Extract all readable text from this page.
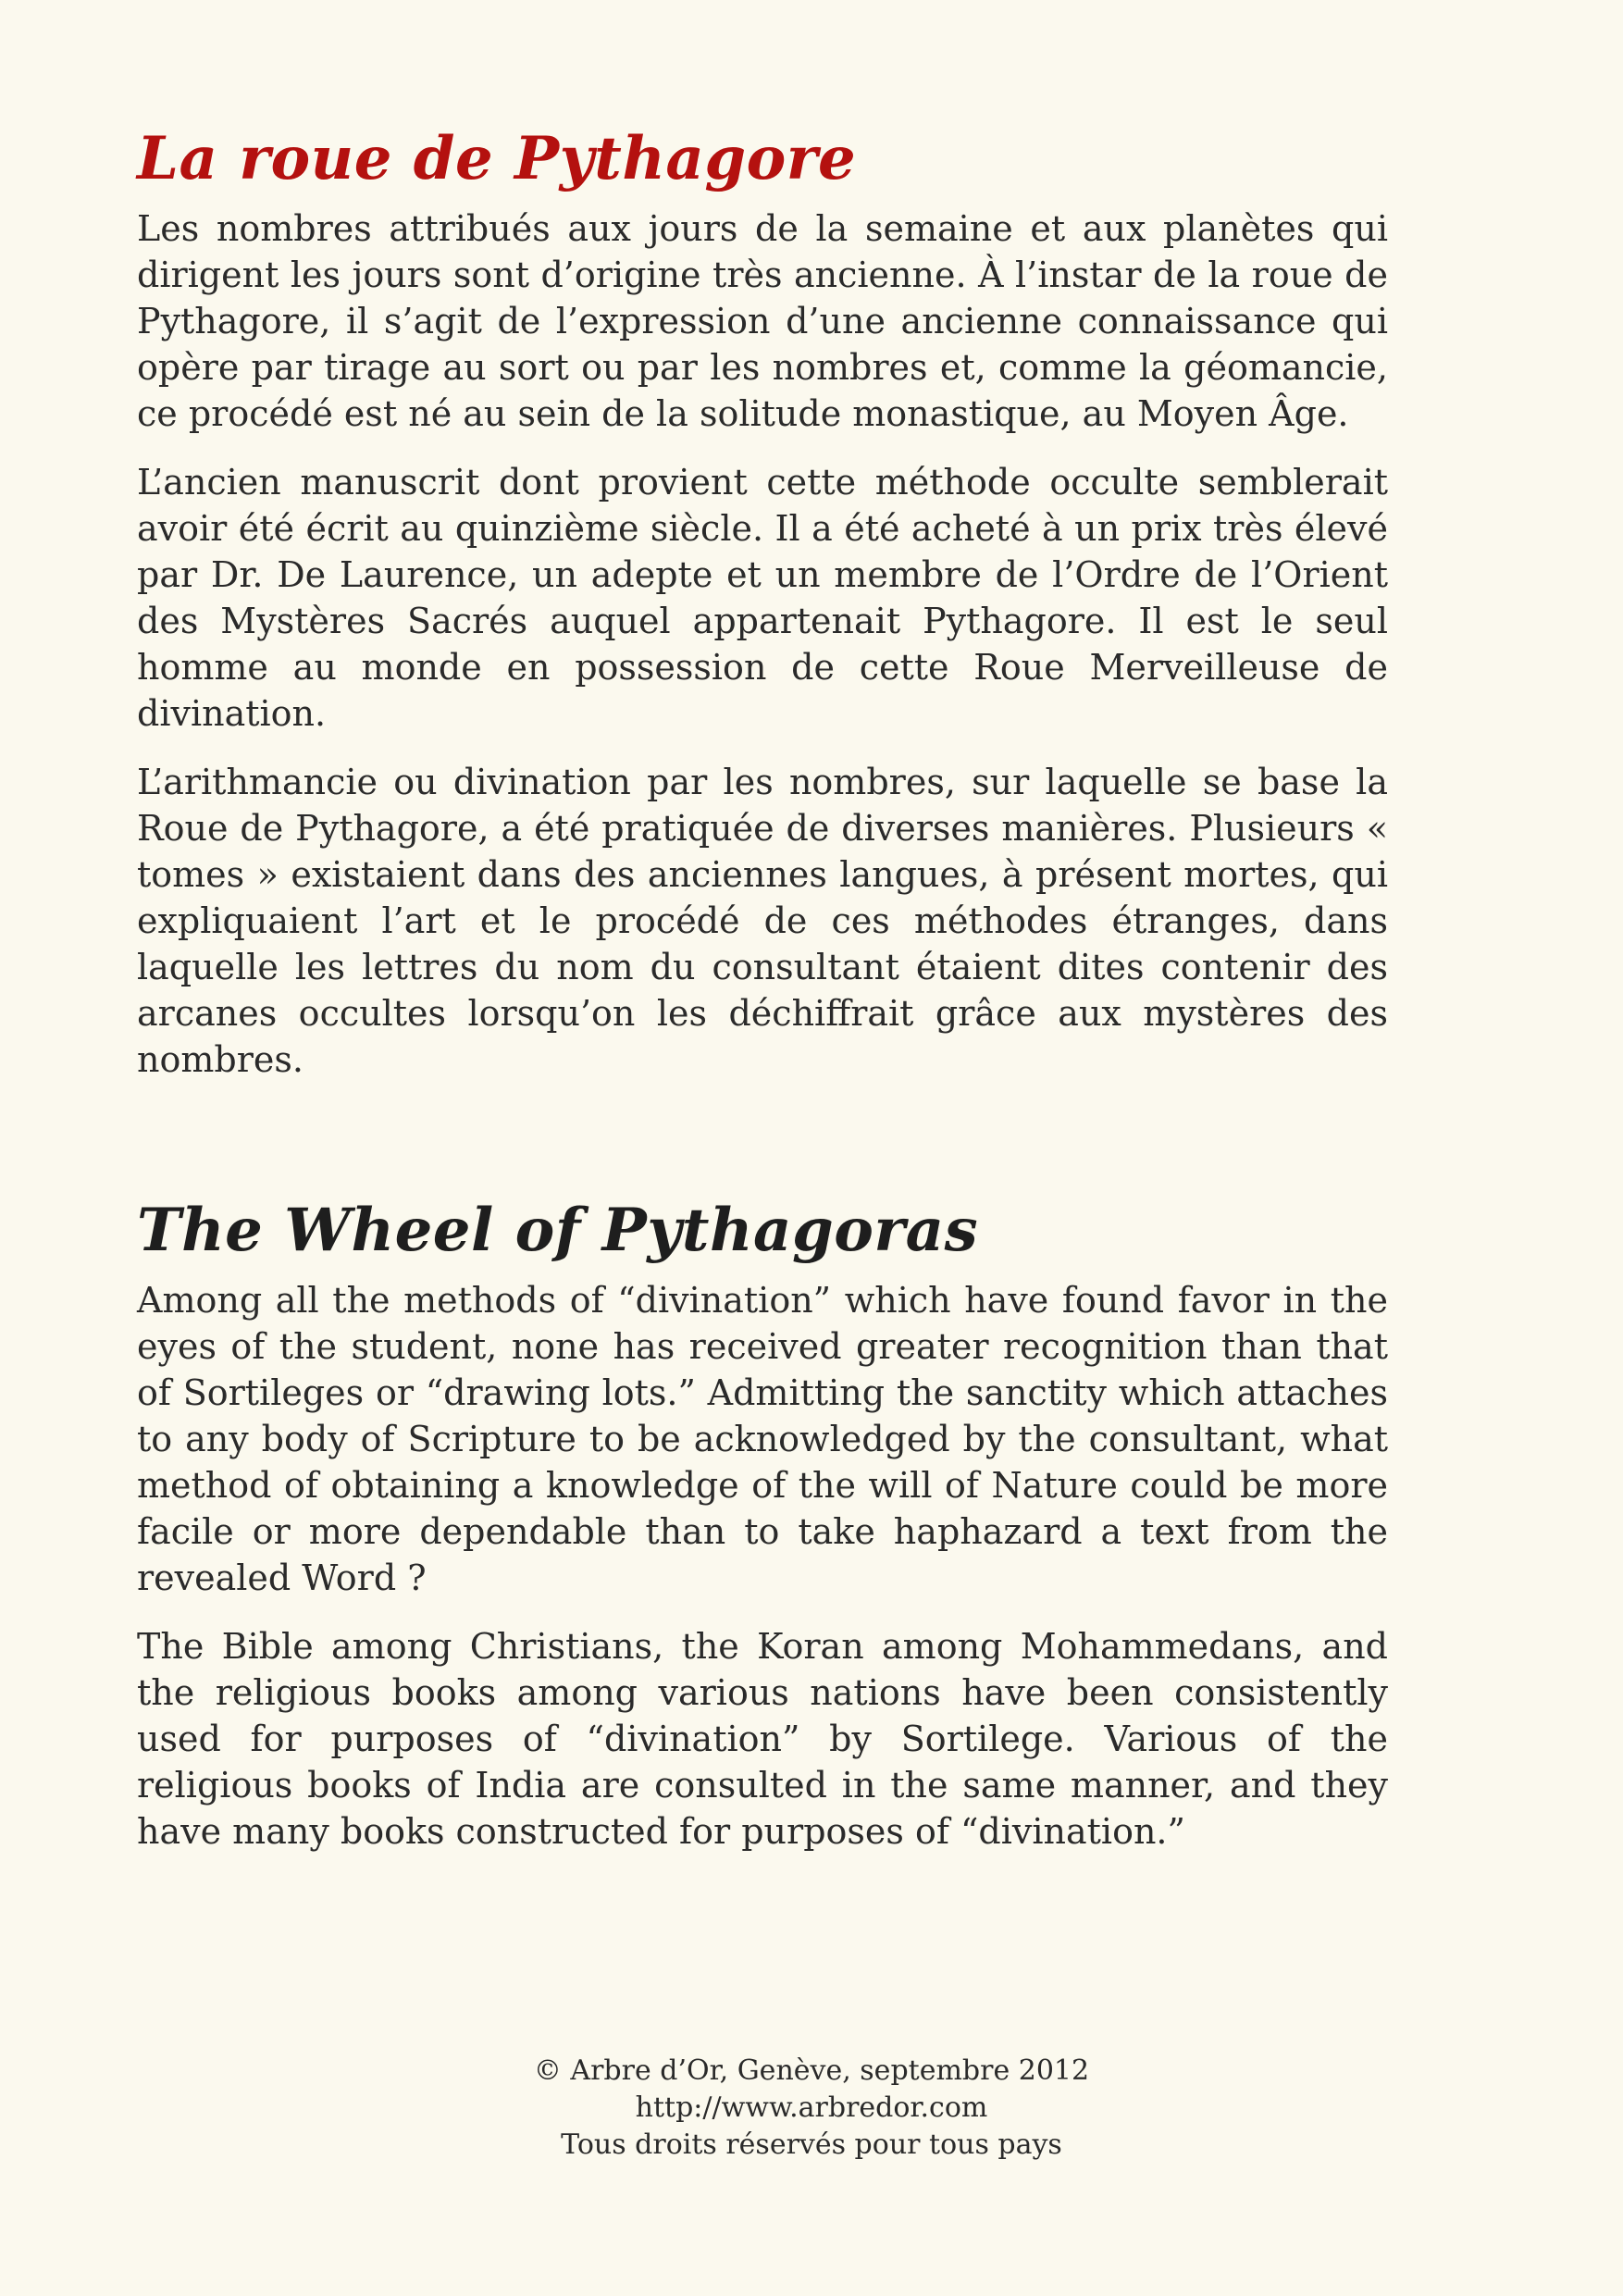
La roue de Pythagore

Les nombres attribués aux jours de la semaine et aux planètes qui dirigent les jours sont d’origine très ancienne. À l’instar de la roue de Pythagore, il s’agit de l’expression d’une ancienne connaissance qui opère par tirage au sort ou par les nombres et, comme la géomancie, ce procédé est né au sein de la solitude monastique, au Moyen Âge.

L’ancien manuscrit dont provient cette méthode occulte semblerait avoir été écrit au quinzième siècle. Il a été acheté à un prix très élevé par Dr. De Laurence, un adepte et un membre de l’Ordre de l’Orient des Mystères Sacrés auquel appartenait Pythagore. Il est le seul homme au monde en possession de cette Roue Merveilleuse de divination.

L’arithmancie ou divination par les nombres, sur laquelle se base la Roue de Pythagore, a été pratiquée de diverses manières. Plusieurs « tomes » existaient dans des anciennes langues, à présent mortes, qui expliquaient l’art et le procédé de ces méthodes étranges, dans laquelle les lettres du nom du consultant étaient dites contenir des arcanes occultes lorsqu’on les déchiffrait grâce aux mystères des nombres.

The Wheel of Pythagoras

Among all the methods of “divination” which have found favor in the eyes of the student, none has received greater recognition than that of Sortileges or “drawing lots.” Admitting the sanctity which attaches to any body of Scripture to be acknowledged by the consultant, what method of obtaining a knowledge of the will of Nature could be more facile or more dependable than to take haphazard a text from the revealed Word ?

The Bible among Christians, the Koran among Mohammedans, and the religious books among various nations have been consistently used for purposes of “divination” by Sortilege. Various of the religious books of India are consulted in the same manner, and they have many books constructed for purposes of “divination.”

© Arbre d’Or, Genève, septembre 2012
http://www.arbredor.com
Tous droits réservés pour tous pays
